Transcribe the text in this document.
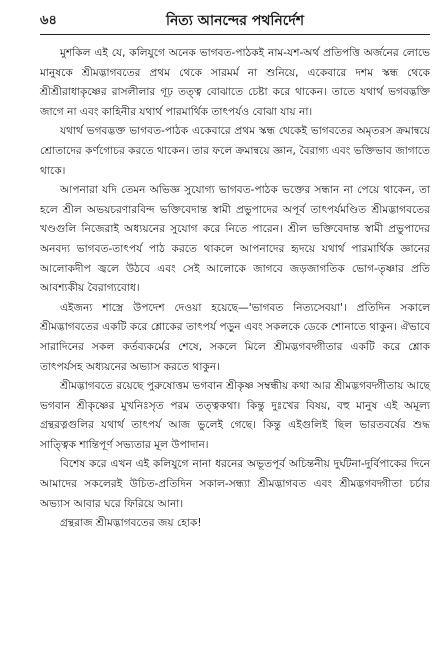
৬৪	নিত্য আনন্দের পথনির্দেশ

মুশকিল এই যে, কলিযুগে অনেক ভাগবত-পাঠকই নাম-যশ-অর্থ প্রতিপত্তি অর্জনের লোভে মানুষকে শ্রীমদ্ভাগবতের প্রথম থেকে সারমর্ম না শুনিয়ে, একেবারে দশম স্কন্ধ থেকে শ্রীশ্রীরাধাকৃষ্ণের রাসলীলার গূঢ় তত্ত্ব বোঝাতে চেষ্টা করে থাকেন। তাতে যথার্থ ভগবদ্ভক্তি জাগে না এবং কাহিনীর যথার্থ পারমার্থিক তাৎপর্যও বোঝা যায় না।

যথার্থ ভগবদ্ভক্ত ভাগবত-পাঠক একেবারে প্রথম স্কন্ধ থেকেই ভাগবতের অমৃতরস ক্রমান্বয়ে শ্রোতাদের কর্ণগোচর করতে থাকেন। তার ফলে ক্রমান্বয়ে জ্ঞান, বৈরাগ্য এবং ভক্তিভাব জাগাতে থাকে।

আপনারা যদি তেমন অভিজ্ঞ সুযোগ্য ভাগবত-পাঠক ভক্তের সন্ধান না পেয়ে থাকেন, তা হলে শ্রীল অভয়চরণারবিন্দ ভক্তিবেদান্ত স্বামী প্রভুপাদের অপূর্ব তাৎপর্যমণ্ডিত শ্রীমদ্ভাগবতের খণ্ডগুলি নিজেরাই অধ্যয়নের সুযোগ করে নিতে পারেন। শ্রীল ভক্তিবেদান্ত স্বামী প্রভুপাদের অনবদ্য ভাগবত-তাৎপর্য পাঠ করতে থাকলে আপনাদের হৃদয়ে যথার্থ পারমার্থিক জ্ঞানের আলোকদীপ জ্বলে উঠবে এবং সেই আলোকে জাগবে জড়জাগতিক ভোগ-তৃষ্ণার প্রতি আবশ্যকীয় বৈরাগ্যবোধ।

এইজন্য শাস্ত্রে উপদেশ দেওয়া হয়েছে—'ভাগবত নিত্যসেবয়া'। প্রতিদিন সকালে শ্রীমদ্ভাগবতের একটি করে শ্লোকের তাৎপর্য পড়ুন এবং সকলকে ডেকে শোনাতে থাকুন। ঐভাবে সারাদিনের সকল কর্তব্যকর্মের শেষে, সকলে মিলে শ্রীমদ্ভগবদ্গীতার একটি করে শ্লোক তাৎপর্যসহ অধ্যয়নের অভ্যাস করতে থাকুন।

শ্রীমদ্ভাগবতে রয়েছে পুরুষোত্তম ভগবান শ্রীকৃষ্ণ সম্বন্ধীয় কথা আর শ্রীমদ্ভগবদ্গীতায় আছে ভগবান শ্রীকৃষ্ণের মুখনিঃসৃত পরম তত্ত্বকথা। কিন্তু দুঃখের বিষয়, বহু মানুষ এই অমূল্য গ্রন্থরত্নগুলির যথার্থ তাৎপর্য আজ ভুলেই গেছে। কিন্তু এইগুলিই ছিল ভারতবর্ষের শুদ্ধ সাত্ত্বিক শান্তিপূর্ণ সভ্যতার মূল উপাদান।

বিশেষ করে এখন এই কলিযুগে নানা ধরনের অভূতপূর্ব অচিন্তনীয় দুর্ঘটনা-দুর্বিপাকের দিনে আমাদের সকলেরই উচিত-প্রতিদিন সকাল-সন্ধ্যা শ্রীমদ্ভাগবত এবং শ্রীমদ্ভগবদ্গীতা চর্চার অভ্যাস আবার ঘরে ফিরিয়ে আনা।

গ্রন্থরাজ শ্রীমদ্ভাগবতের জয় হোক!
